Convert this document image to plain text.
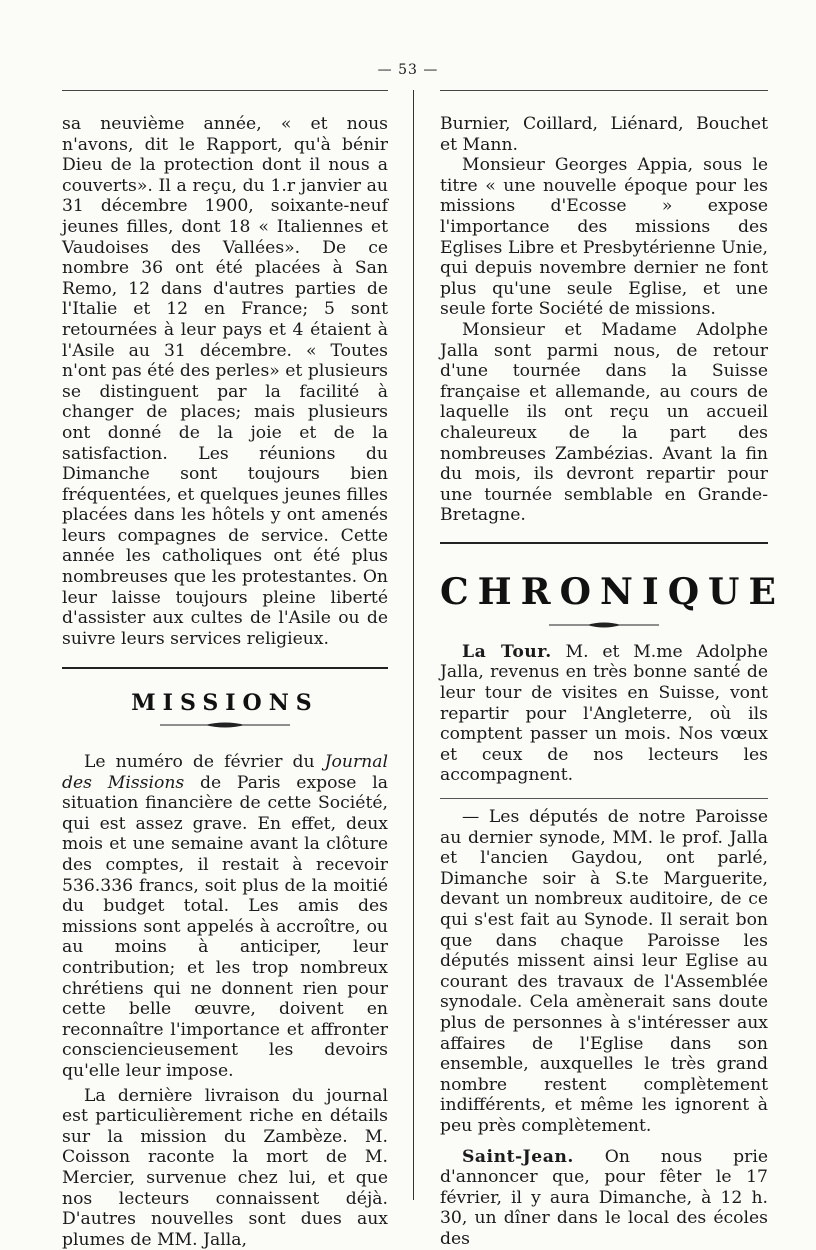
— 53 —

sa neuvième année, « et nous n'avons, dit le Rapport, qu'à bénir Dieu de la protection dont il nous a couverts». Il a reçu, du 1.r janvier au 31 décembre 1900, soixante-neuf jeunes filles, dont 18 « Italiennes et Vaudoises des Vallées». De ce nombre 36 ont été placées à San Remo, 12 dans d'autres parties de l'Italie et 12 en France; 5 sont retournées à leur pays et 4 étaient à l'Asile au 31 décembre. « Toutes n'ont pas été des perles» et plusieurs se distinguent par la facilité à changer de places; mais plusieurs ont donné de la joie et de la satisfaction. Les réunions du Dimanche sont toujours bien fréquentées, et quelques jeunes filles placées dans les hôtels y ont amenés leurs compagnes de service. Cette année les catholiques ont été plus nombreuses que les protestantes. On leur laisse toujours pleine liberté d'assister aux cultes de l'Asile ou de suivre leurs services religieux.

MISSIONS

Le numéro de février du Journal des Missions de Paris expose la situation financière de cette Société, qui est assez grave. En effet, deux mois et une semaine avant la clôture des comptes, il restait à recevoir 536.336 francs, soit plus de la moitié du budget total. Les amis des missions sont appelés à accroître, ou au moins à anticiper, leur contribution; et les trop nombreux chrétiens qui ne donnent rien pour cette belle œuvre, doivent en reconnaître l'importance et affronter consciencieusement les devoirs qu'elle leur impose.

La dernière livraison du journal est particulièrement riche en détails sur la mission du Zambèze. M. Coisson raconte la mort de M. Mercier, survenue chez lui, et que nos lecteurs connaissent déjà. D'autres nouvelles sont dues aux plumes de MM. Jalla,

Burnier, Coillard, Liénard, Bouchet et Mann.

Monsieur Georges Appia, sous le titre « une nouvelle époque pour les missions d'Ecosse » expose l'importance des missions des Eglises Libre et Presbytérienne Unie, qui depuis novembre dernier ne font plus qu'une seule Eglise, et une seule forte Société de missions.

Monsieur et Madame Adolphe Jalla sont parmi nous, de retour d'une tournée dans la Suisse française et allemande, au cours de laquelle ils ont reçu un accueil chaleureux de la part des nombreuses Zambézias. Avant la fin du mois, ils devront repartir pour une tournée semblable en Grande-Bretagne.

CHRONIQUE

La Tour. M. et M.me Adolphe Jalla, revenus en très bonne santé de leur tour de visites en Suisse, vont repartir pour l'Angleterre, où ils comptent passer un mois. Nos vœux et ceux de nos lecteurs les accompagnent.

— Les députés de notre Paroisse au dernier synode, MM. le prof. Jalla et l'ancien Gaydou, ont parlé, Dimanche soir à S.te Marguerite, devant un nombreux auditoire, de ce qui s'est fait au Synode. Il serait bon que dans chaque Paroisse les députés missent ainsi leur Eglise au courant des travaux de l'Assemblée synodale. Cela amènerait sans doute plus de personnes à s'intéresser aux affaires de l'Eglise dans son ensemble, auxquelles le très grand nombre restent complètement indifférents, et même les ignorent à peu près complètement.

Saint-Jean. On nous prie d'annoncer que, pour fêter le 17 février, il y aura Dimanche, à 12 h. 30, un dîner dans le local des écoles des
